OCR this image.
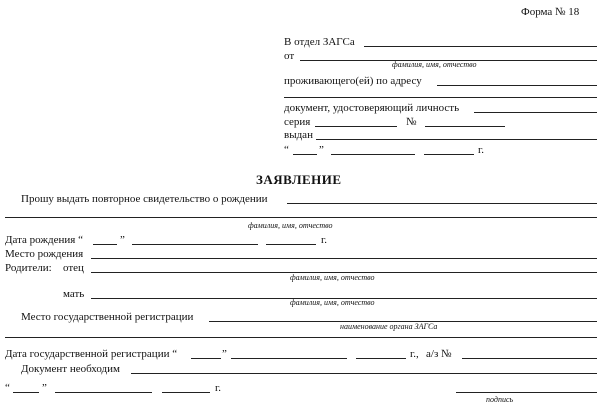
Форма № 18
В отдел ЗАГСа
от
фамилия, имя, отчество
проживающего(ей) по адресу
документ, удостоверяющий личность
серия	№
выдан
“	”	г.
ЗАЯВЛЕНИЕ
Прошу выдать повторное свидетельство о рождении
фамилия, имя, отчество
Дата рождения “	”	г.
Место рождения
Родители: отец
фамилия, имя, отчество
мать
фамилия, имя, отчество
Место государственной регистрации
наименование органа ЗАГСа
Дата государственной регистрации “	”	г., а/з №
Документ необходим
“	”	г.
подпись
